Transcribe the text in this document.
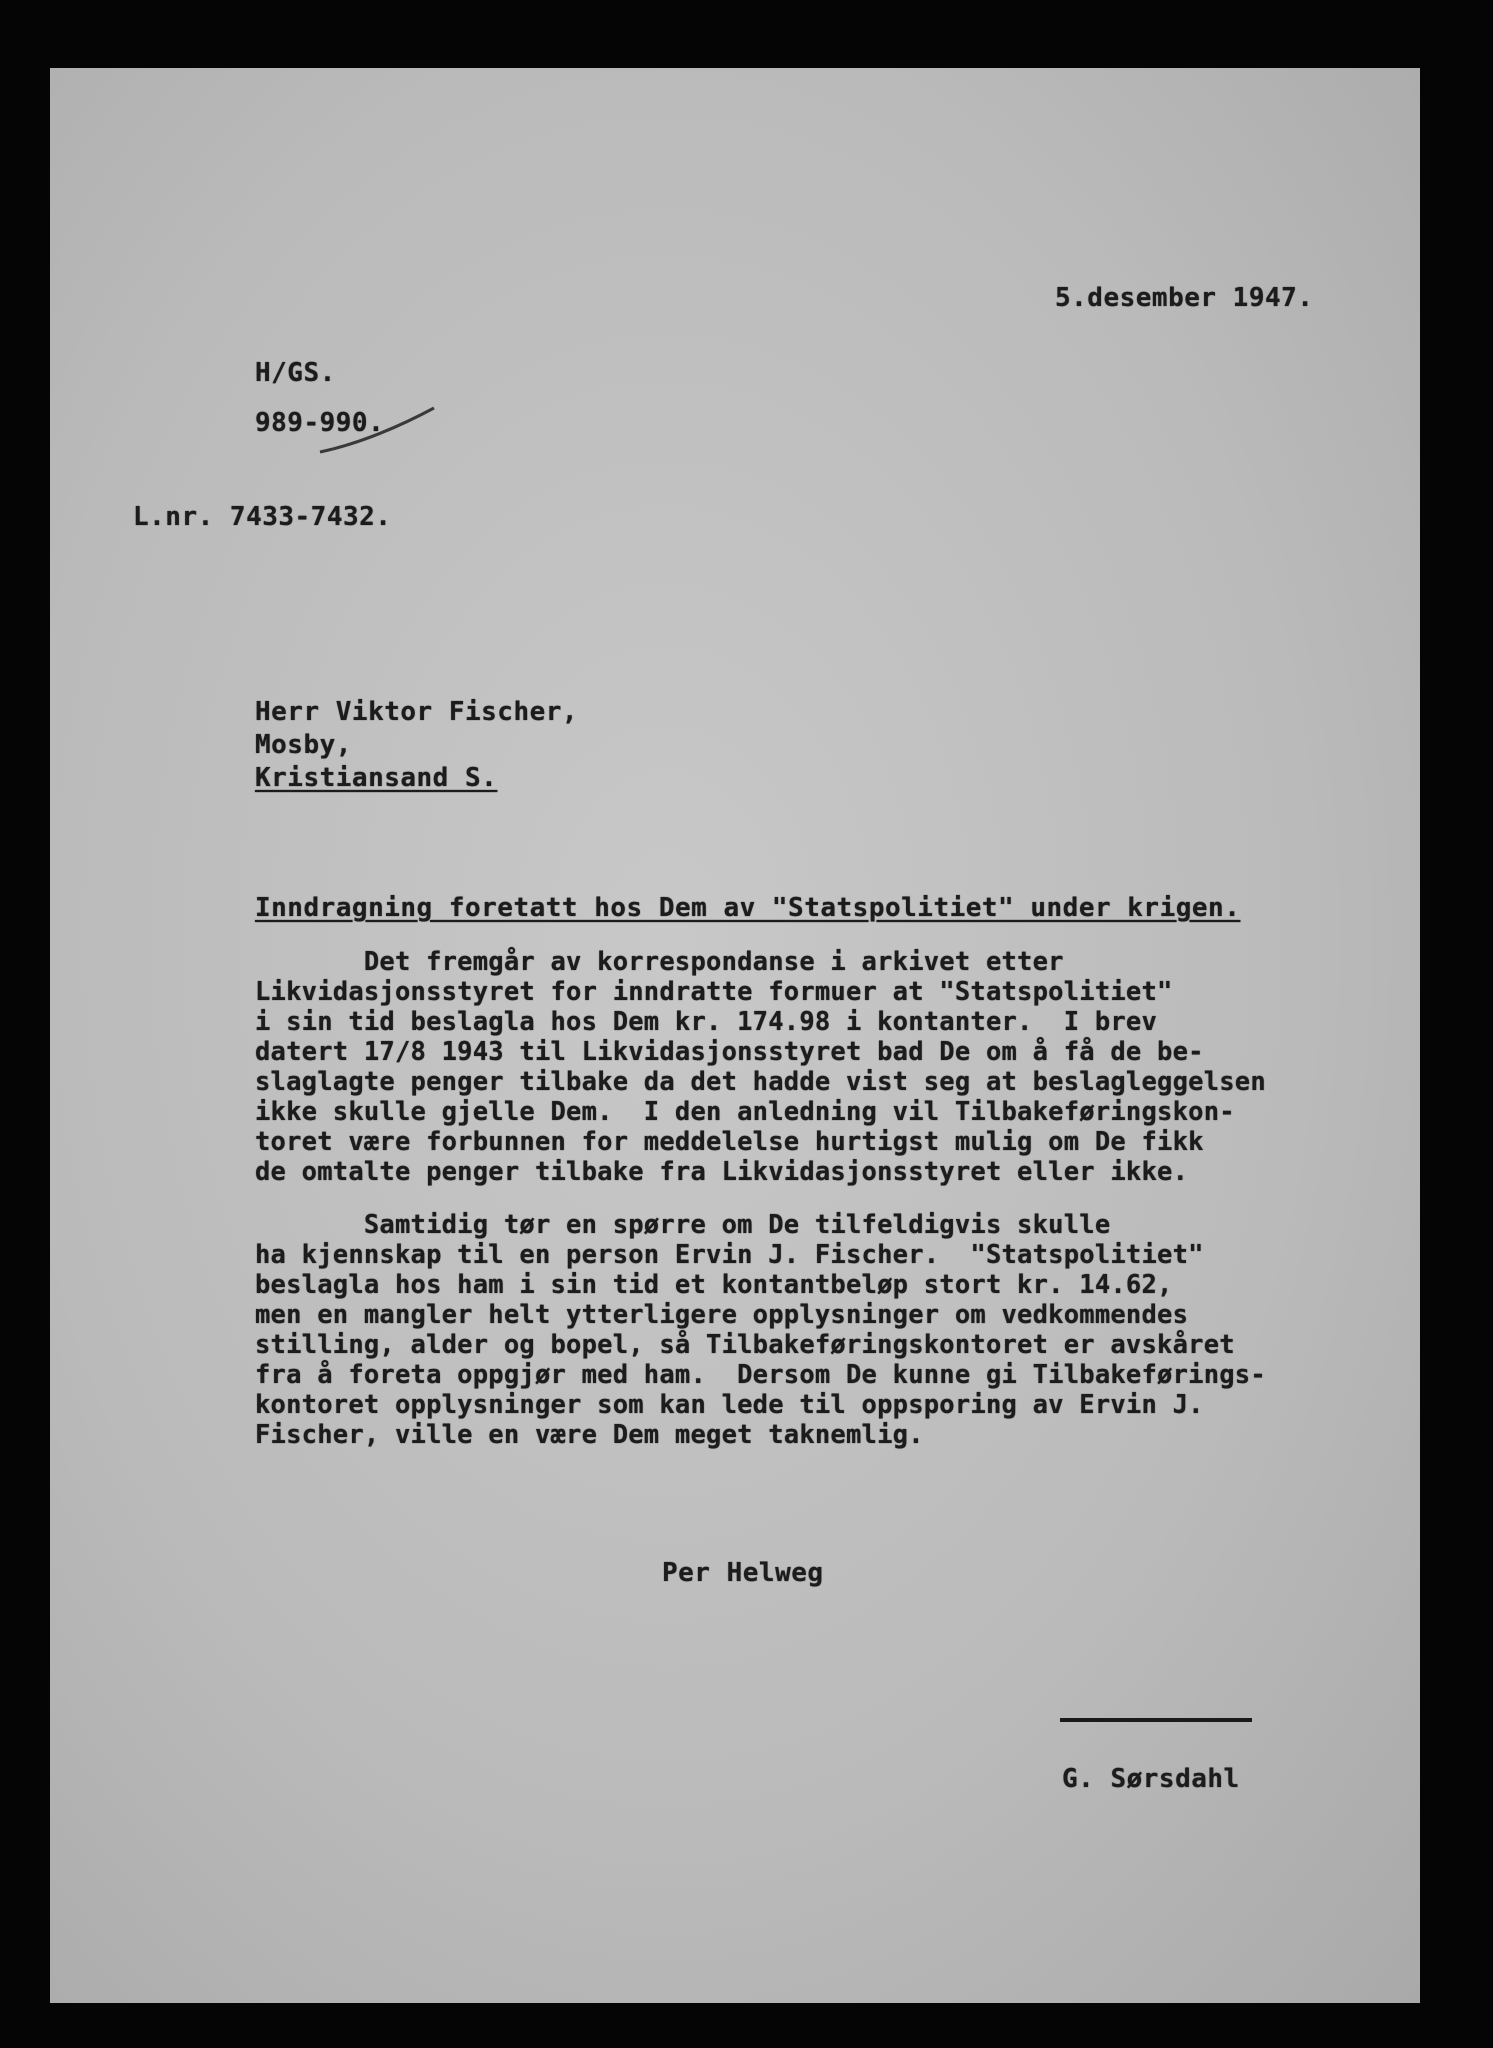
5.desember 1947.
H/GS.
989-990.
L.nr. 7433-7432.
Herr Viktor Fischer,
Mosby,
Kristiansand S.
Inndragning foretatt hos Dem av "Statspolitiet" under krigen.
Det fremgår av korrespondanse i arkivet etter
Likvidasjonsstyret for inndratte formuer at "Statspolitiet"
i sin tid beslagla hos Dem kr. 174.98 i kontanter.  I brev
datert 17/8 1943 til Likvidasjonsstyret bad De om å få de be-
slaglagte penger tilbake da det hadde vist seg at beslagleggelsen
ikke skulle gjelle Dem.  I den anledning vil Tilbakeføringskon-
toret være forbunnen for meddelelse hurtigst mulig om De fikk
de omtalte penger tilbake fra Likvidasjonsstyret eller ikke.
Samtidig tør en spørre om De tilfeldigvis skulle
ha kjennskap til en person Ervin J. Fischer.  "Statspolitiet"
beslagla hos ham i sin tid et kontantbeløp stort kr. 14.62,
men en mangler helt ytterligere opplysninger om vedkommendes
stilling, alder og bopel, så Tilbakeføringskontoret er avskåret
fra å foreta oppgjør med ham.  Dersom De kunne gi Tilbakeførings-
kontoret opplysninger som kan lede til oppsporing av Ervin J.
Fischer, ville en være Dem meget taknemlig.
Per Helweg
G. Sørsdahl
